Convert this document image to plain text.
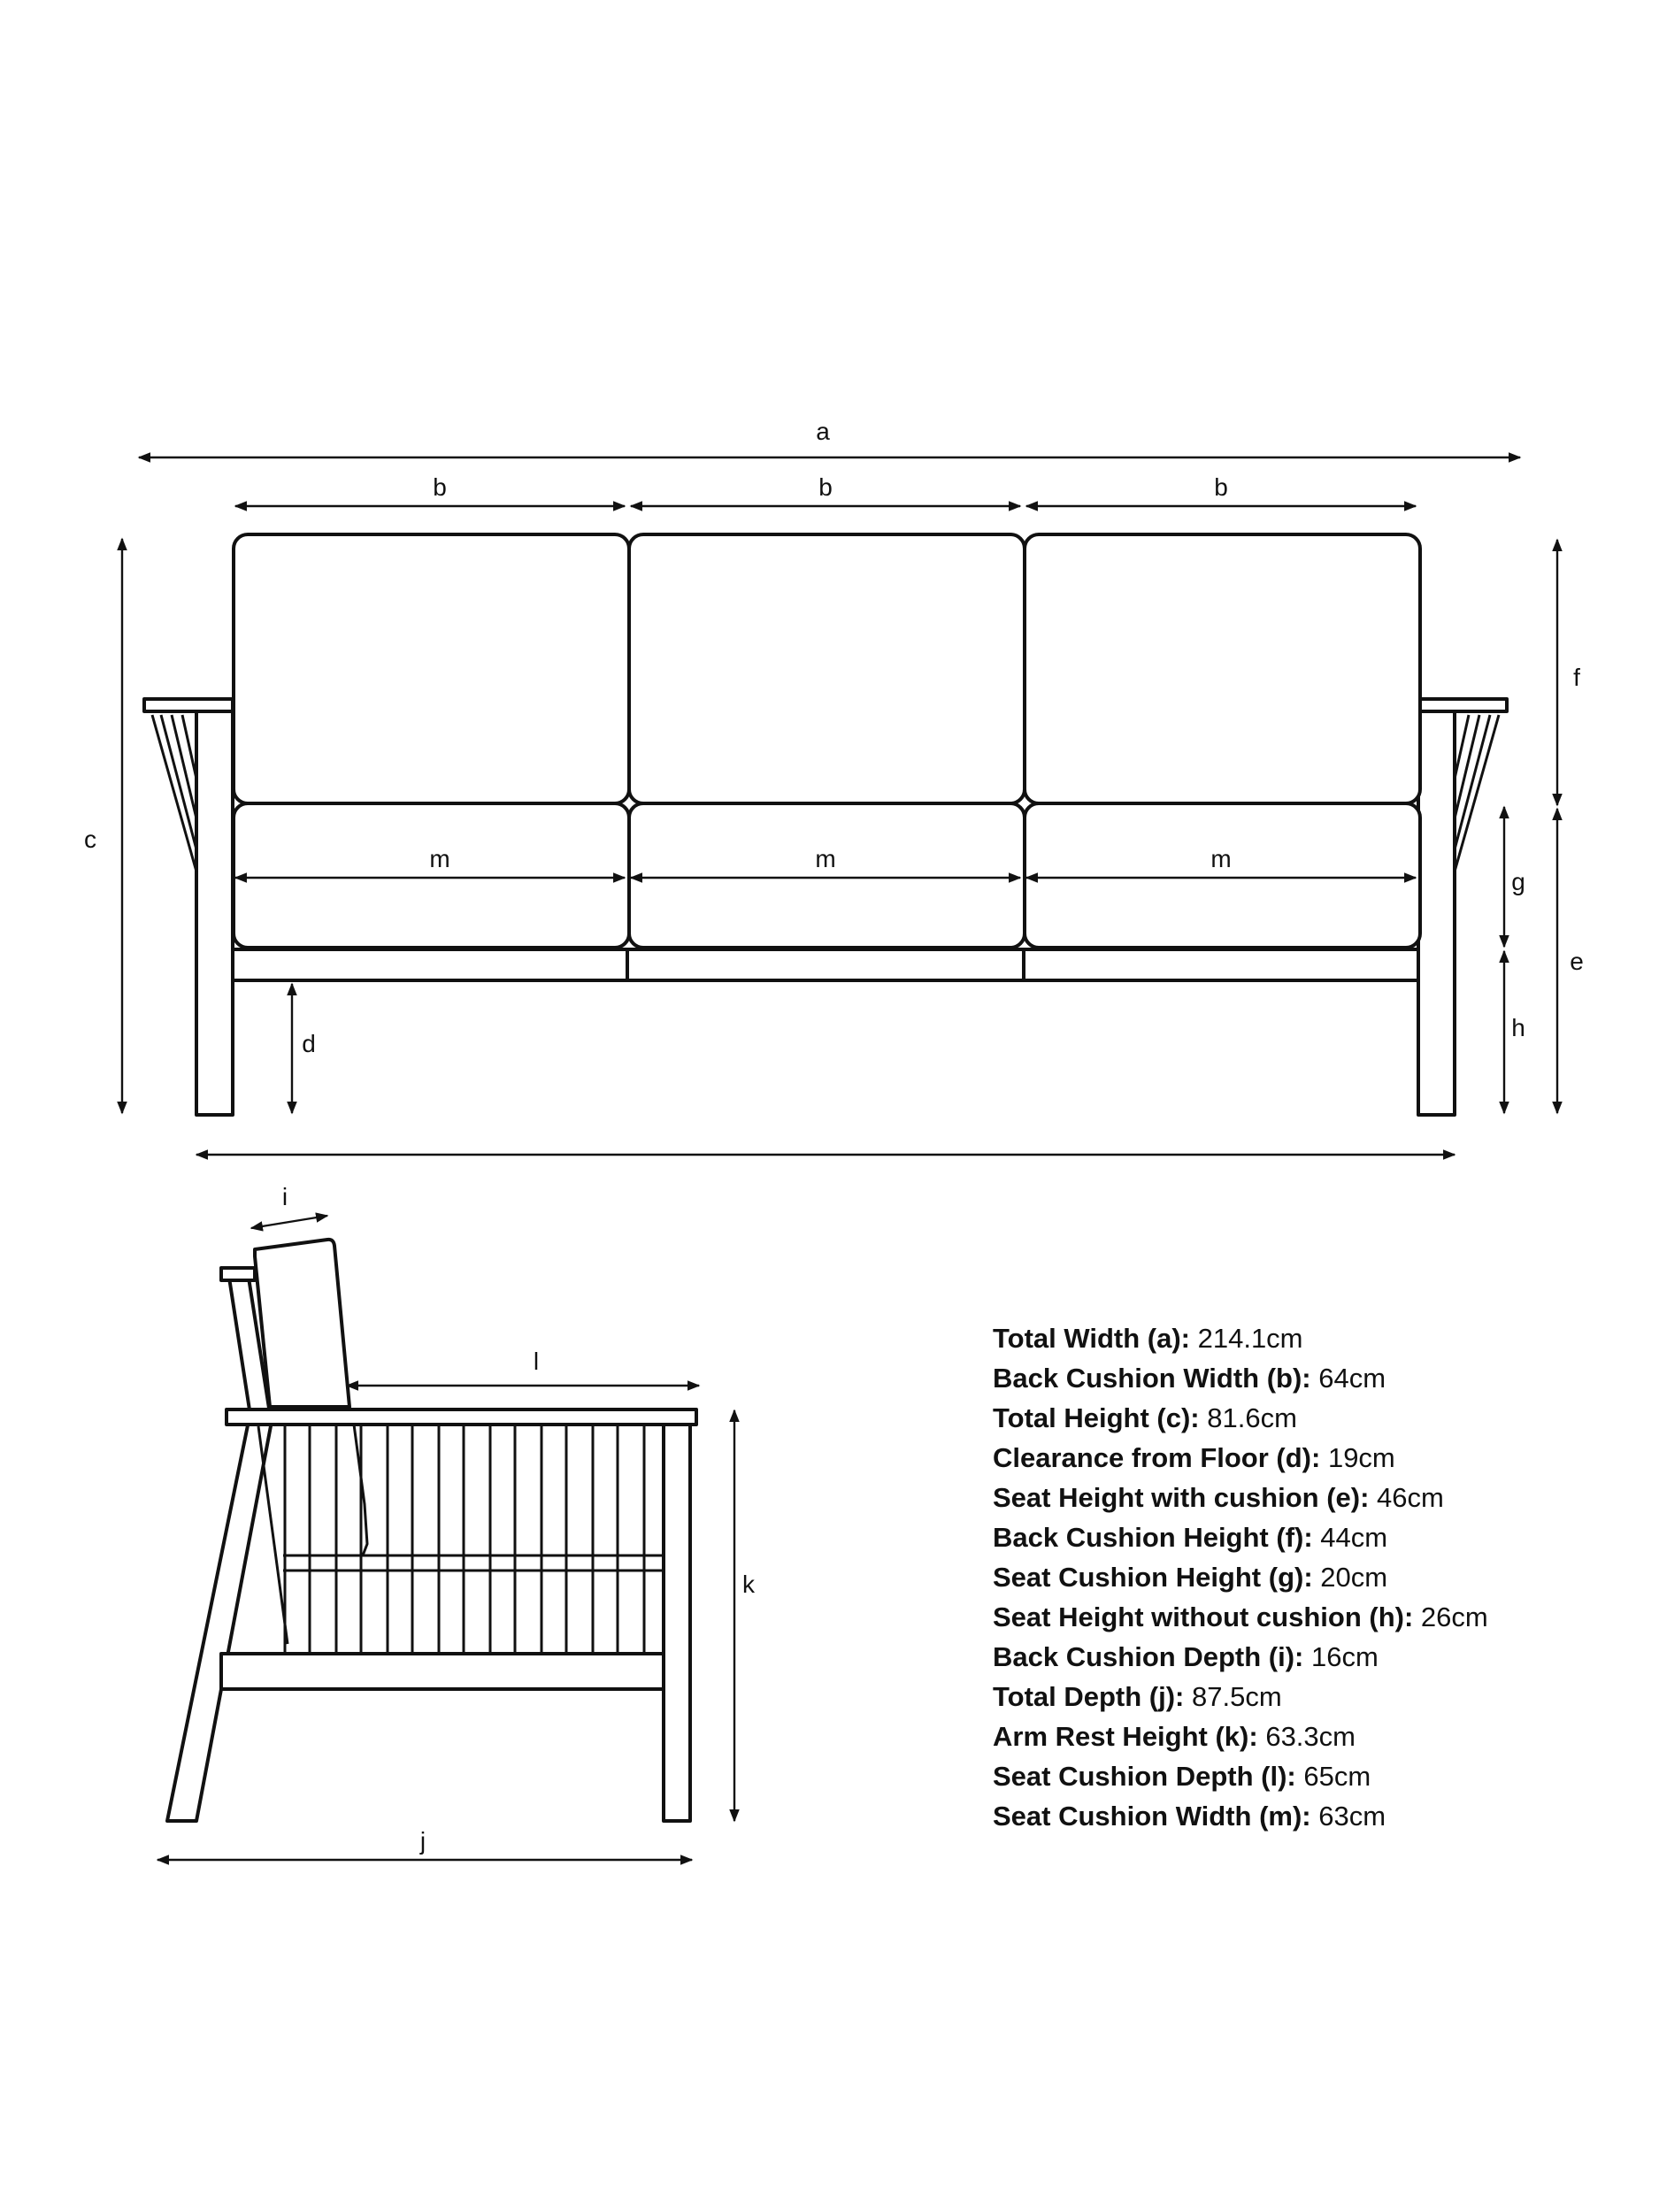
a
b	b	b
c
d
m	m	m
f
e
g
h
i
l
k
j
Total Width (a): 214.1cm
Back Cushion Width (b): 64cm
Total Height (c): 81.6cm
Clearance from Floor (d): 19cm
Seat Height with cushion (e): 46cm
Back Cushion Height (f): 44cm
Seat Cushion Height (g): 20cm
Seat Height without cushion (h): 26cm
Back Cushion Depth (i): 16cm
Total Depth (j): 87.5cm
Arm Rest Height (k): 63.3cm
Seat Cushion Depth (l): 65cm
Seat Cushion Width (m): 63cm
